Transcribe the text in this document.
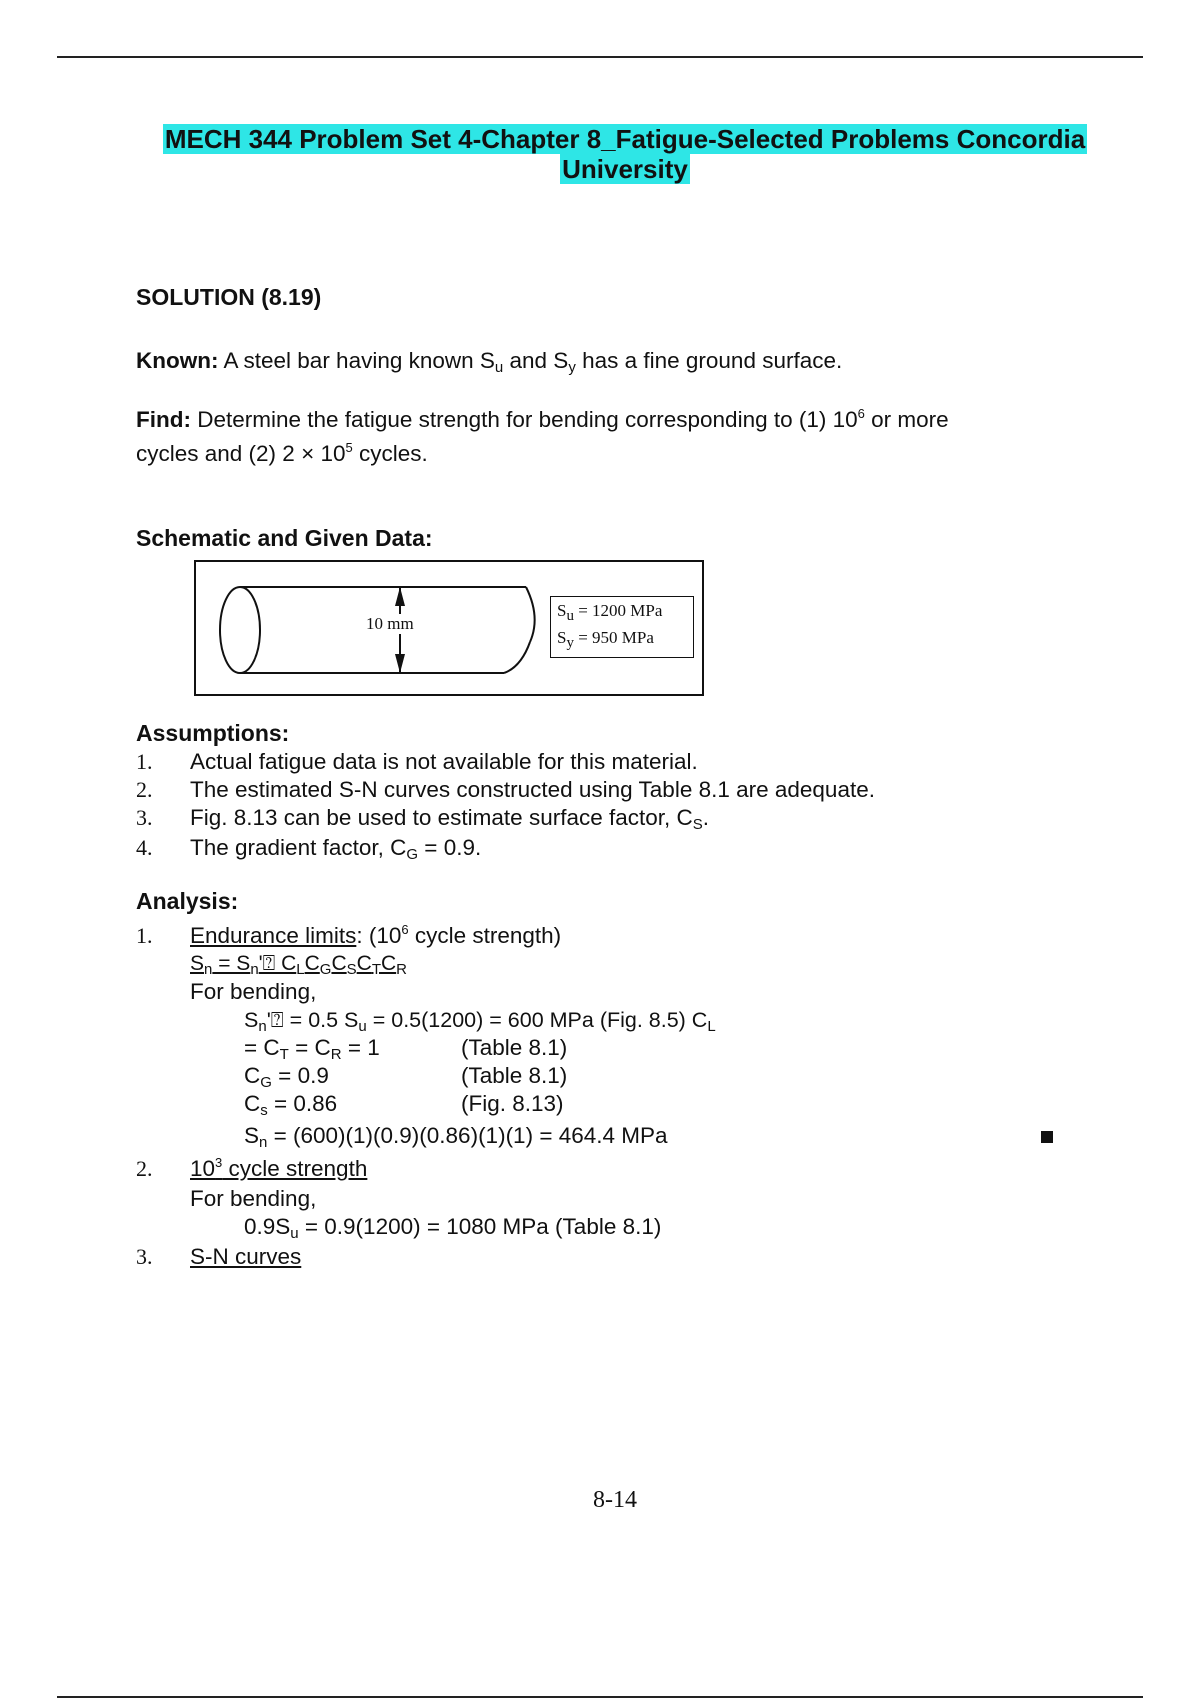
MECH 344 Problem Set 4-Chapter 8_Fatigue-Selected Problems Concordia
University
SOLUTION (8.19)
Known: A steel bar having known $S_u$ and $S_y$ has a fine ground surface.
Find: Determine the fatigue strength for bending corresponding to (1) $10^6$ or more
cycles and (2) $2 \times 10^5$ cycles.
Schematic and Given Data:
10 mm
$S_u = 1200$ MPa
$S_y = 950$ MPa
Assumptions:
1. Actual fatigue data is not available for this material.
2. The estimated S-N curves constructed using Table 8.1 are adequate.
3. Fig. 8.13 can be used to estimate surface factor, $C_S$.
4. The gradient factor, $C_G = 0.9$.
Analysis:
1. Endurance limits: ($10^6$ cycle strength)
$S_n$ = $S_n'⍰$ $C_LC_GC_SC_TC_R$
For bending,
$S_n'⍰ = 0.5$ $S_u = 0.5(1200) = 600$ MPa (Fig. 8.5) $C_L$
= $C_T = C_R = 1$	(Table 8.1)
$C_G = 0.9$	(Table 8.1)
$C_s = 0.86$	(Fig. 8.13)
$S_n = (600)(1)(0.9)(0.86)(1)(1) = 464.4$ MPa
2. $10^3$ cycle strength
For bending,
$0.9S_u = 0.9(1200) = 1080$ MPa (Table 8.1)
3. S-N curves
8-14
